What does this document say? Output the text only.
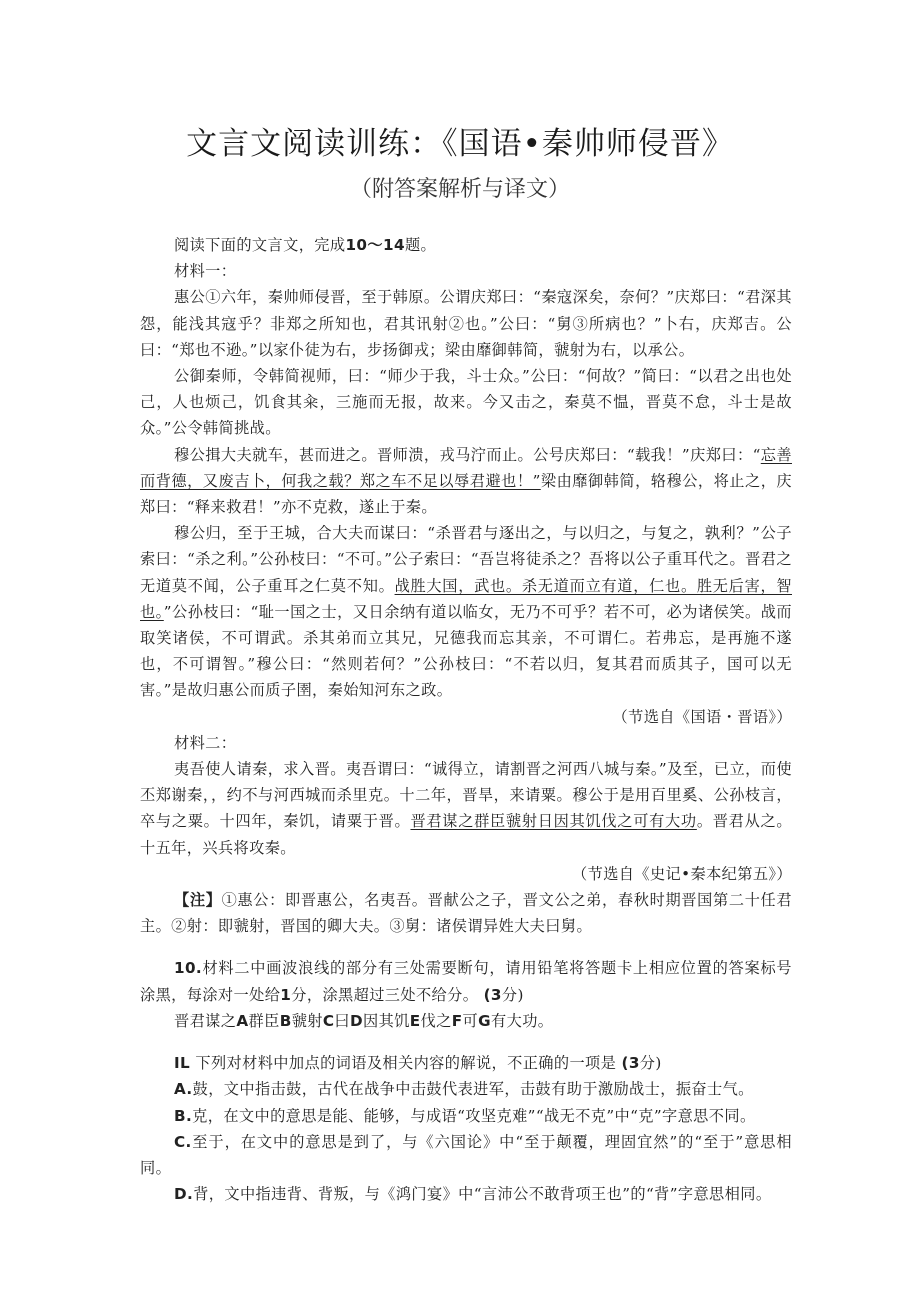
文言文阅读训练：《国语•秦帅师侵晋》
（附答案解析与译文）

阅读下面的文言文，完成10〜14题。

材料一：

惠公①六年，秦帅师侵晋，至于韩原。公谓庆郑曰：“秦寇深矣，奈何？”庆郑曰：“君深其怨，能浅其寇乎？非郑之所知也，君其讯射②也。”公曰：“舅③所病也？”卜右，庆郑吉。公曰：“郑也不逊。”以家仆徒为右，步扬御戎；梁由靡御韩简，虢射为右，以承公。

公御秦师，令韩简视师，曰：“师少于我，斗士众。”公曰：“何故？”简曰：“以君之出也处己，人也烦己，饥食其籴，三施而无报，故来。今又击之，秦莫不愠，晋莫不怠，斗士是故众。”公令韩简挑战。

穆公揖大夫就车，甚而进之。晋师溃，戎马泞而止。公号庆郑曰：“载我！”庆郑曰：“忘善而背德，又废吉卜，何我之载？郑之车不足以辱君避也！”梁由靡御韩简，辂穆公，将止之，庆郑曰：“释来救君！”亦不克救，遂止于秦。

穆公归，至于王城，合大夫而谋曰：“杀晋君与逐出之，与以归之，与复之，孰利？”公子索曰：“杀之利。”公孙枝曰：“不可。”公子索曰：“吾岂将徒杀之？吾将以公子重耳代之。晋君之无道莫不闻，公子重耳之仁莫不知。战胜大国，武也。杀无道而立有道，仁也。胜无后害，智也。”公孙枝曰：“耻一国之士，又日余纳有道以临女，无乃不可乎？若不可，必为诸侯笑。战而取笑诸侯，不可谓武。杀其弟而立其兄，兄德我而忘其亲，不可谓仁。若弗忘，是再施不遂也，不可谓智。”穆公曰：“然则若何？”公孙枝曰：“不若以归，复其君而质其子，国可以无害。”是故归惠公而质子圉，秦始知河东之政。

（节选自《国语・晋语》）

材料二：

夷吾使人请秦，求入晋。夷吾谓曰：“诚得立，请割晋之河西八城与秦。”及至，已立，而使丕郑谢秦，，约不与河西城而杀里克。十二年，晋旱，来请粟。穆公于是用百里奚、公孙枝言，卒与之粟。十四年，秦饥，请粟于晋。晋君谋之群臣虢射日因其饥伐之可有大功。晋君从之。十五年，兴兵将攻秦。

（节选自《史记•秦本纪第五》）

【注】①惠公：即晋惠公，名夷吾。晋献公之子，晋文公之弟，春秋时期晋国第二十任君主。②射：即虢射，晋国的卿大夫。③舅：诸侯谓异姓大夫曰舅。

10.材料二中画波浪线的部分有三处需要断句，请用铅笔将答题卡上相应位置的答案标号涂黑，每涂对一处给1分，涂黑超过三处不给分。 (3分)

晋君谋之A群臣B虢射C曰D因其饥E伐之F可G有大功。

IL 下列对材料中加点的词语及相关内容的解说，不正确的一项是 (3分)

A.鼓，文中指击鼓，古代在战争中击鼓代表进军，击鼓有助于激励战士，振奋士气。

B.克，在文中的意思是能、能够，与成语“攻坚克难”“战无不克”中“克”字意思不同。

C.至于，在文中的意思是到了，与《六国论》中“至于颠覆，理固宜然”的“至于”意思相同。

D.背，文中指违背、背叛，与《鸿门宴》中“言沛公不敢背项王也”的“背”字意思相同。
